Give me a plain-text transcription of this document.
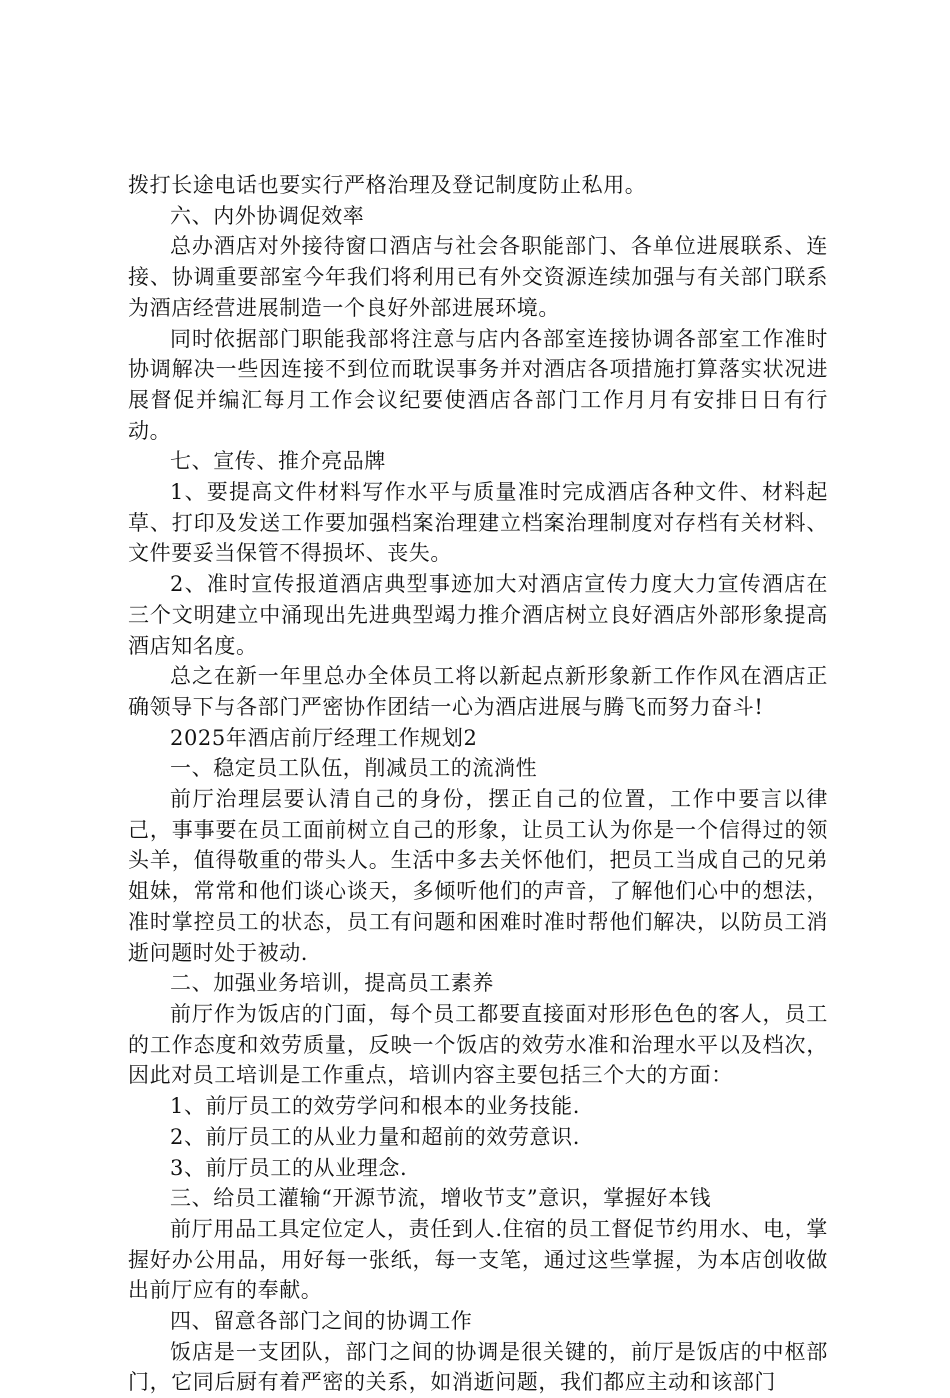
拨打长途电话也要实行严格治理及登记制度防止私用。

六、内外协调促效率

总办酒店对外接待窗口酒店与社会各职能部门、各单位进展联系、连接、协调重要部室今年我们将利用已有外交资源连续加强与有关部门联系为酒店经营进展制造一个良好外部进展环境。

同时依据部门职能我部将注意与店内各部室连接协调各部室工作准时协调解决一些因连接不到位而耽误事务并对酒店各项措施打算落实状况进展督促并编汇每月工作会议纪要使酒店各部门工作月月有安排日日有行动。

七、宣传、推介亮品牌

1、要提高文件材料写作水平与质量准时完成酒店各种文件、材料起草、打印及发送工作要加强档案治理建立档案治理制度对存档有关材料、文件要妥当保管不得损坏、丧失。

2、准时宣传报道酒店典型事迹加大对酒店宣传力度大力宣传酒店在三个文明建立中涌现出先进典型竭力推介酒店树立良好酒店外部形象提高酒店知名度。

总之在新一年里总办全体员工将以新起点新形象新工作作风在酒店正确领导下与各部门严密协作团结一心为酒店进展与腾飞而努力奋斗!

2025年酒店前厅经理工作规划2

一、稳定员工队伍，削减员工的流淌性

前厅治理层要认清自己的身份，摆正自己的位置，工作中要言以律己，事事要在员工面前树立自己的形象，让员工认为你是一个信得过的领头羊，值得敬重的带头人。生活中多去关怀他们，把员工当成自己的兄弟姐妹，常常和他们谈心谈天，多倾听他们的声音，了解他们心中的想法，准时掌控员工的状态，员工有问题和困难时准时帮他们解决，以防员工消逝问题时处于被动.

二、加强业务培训，提高员工素养

前厅作为饭店的门面，每个员工都要直接面对形形色色的客人，员工的工作态度和效劳质量，反映一个饭店的效劳水准和治理水平以及档次，因此对员工培训是工作重点，培训内容主要包括三个大的方面：

1、前厅员工的效劳学问和根本的业务技能.

2、前厅员工的从业力量和超前的效劳意识.

3、前厅员工的从业理念.

三、给员工灌输“开源节流，增收节支”意识，掌握好本钱

前厅用品工具定位定人，责任到人.住宿的员工督促节约用水、电，掌握好办公用品，用好每一张纸，每一支笔，通过这些掌握，为本店创收做出前厅应有的奉献。

四、留意各部门之间的协调工作

饭店是一支团队，部门之间的协调是很关键的，前厅是饭店的中枢部门，它同后厨有着严密的关系，如消逝问题，我们都应主动和该部门
